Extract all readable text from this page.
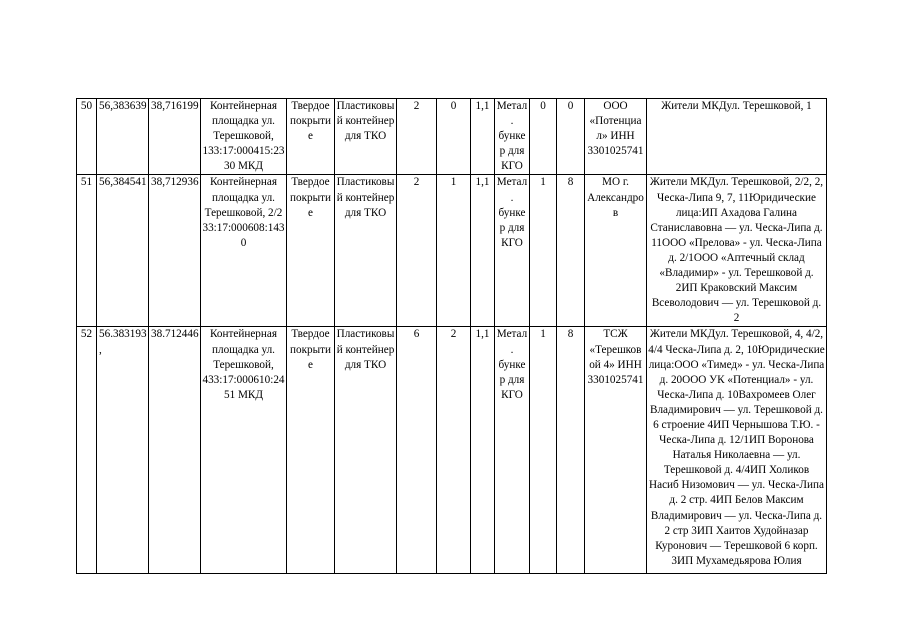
50	56,383639	38,716199	Контейнерная площадка ул. Терешковой, 133:17:000415:23 30 МКД	Твердое покрытие	Пластиковы й контейнер для ТКО	2	0	1,1	Метал. бункер для КГО	0	0	ООО «Потенциа л» ИНН 3301025741	Жители МКДул. Терешковой, 1
51	56,384541	38,712936	Контейнерная площадка ул. Терешковой, 2/2 33:17:000608:143 0	Твердое покрытие	Пластиковы й контейнер для ТКО	2	1	1,1	Метал. бункер для КГО	1	8	МО г. Александро в	Жители МКДул. Терешковой, 2/2, 2, Ческа-Липа 9, 7, 11Юридические лица:ИП Ахадова Галина Станиславовна — ул. Ческа-Липа д. 11ООО «Прелова» - ул. Ческа-Липа д. 2/1ООО «Аптечный склад «Владимир» - ул. Терешковой д. 2ИП Краковский Максим Всеволодович — ул. Терешковой д. 2
52	56.383193 ,	38.712446	Контейнерная площадка ул. Терешковой, 433:17:000610:24 51 МКД	Твердое покрытие	Пластиковы й контейнер для ТКО	6	2	1,1	Метал. бункер для КГО	1	8	ТСЖ «Терешков ой 4» ИНН 3301025741	Жители МКДул. Терешковой, 4, 4/2, 4/4 Ческа-Липа д. 2, 10Юридические лица:ООО «Тимед» - ул. Ческа-Липа д. 20ООО УК «Потенциал» - ул. Ческа-Липа д. 10Вахромеев Олег Владимирович — ул. Терешковой д. 6 строение 4ИП Чернышова Т.Ю. - Ческа-Липа д. 12/1ИП Воронова Наталья Николаевна — ул. Терешковой д. 4/4ИП Холиков Насиб Низомович — ул. Ческа-Липа д. 2 стр. 4ИП Белов Максим Владимирович — ул. Ческа-Липа д. 2 стр 3ИП Хаитов Худойназар Куронович — Терешковой 6 корп. 3ИП Мухамедьярова Юлия
